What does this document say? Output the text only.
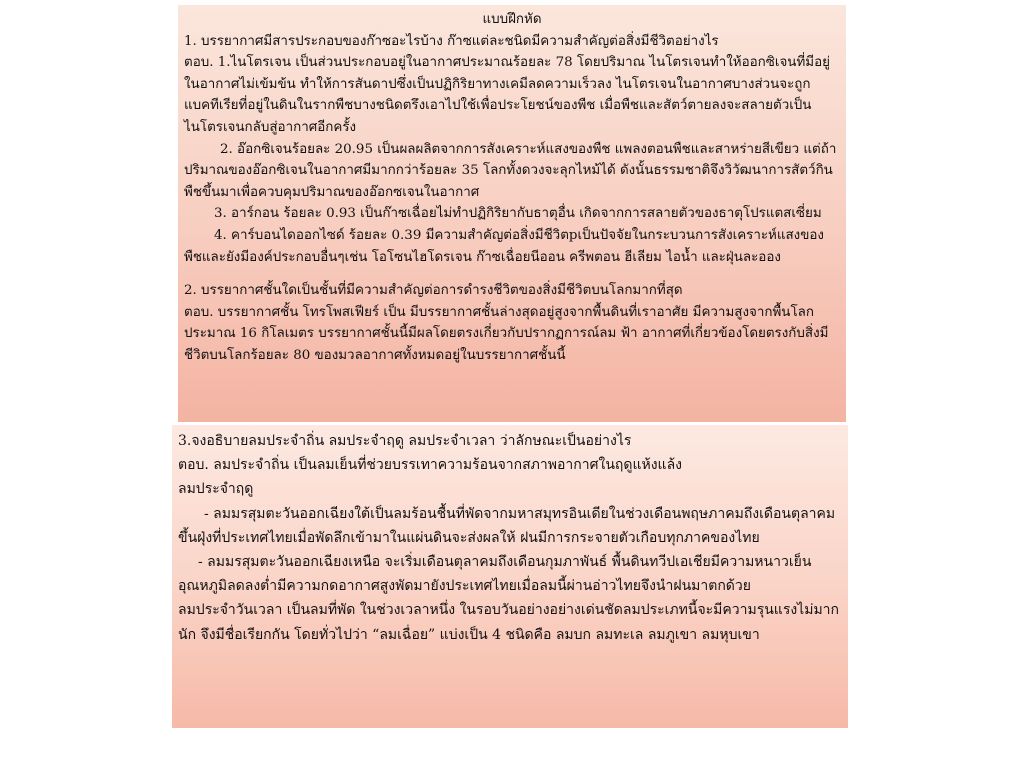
แบบฝึกหัด

1. บรรยากาศมีสารประกอบของก๊าซอะไรบ้าง ก๊าซแต่ละชนิดมีความสำคัญต่อสิ่งมีชีวิตอย่างไร

ตอบ. 1.ไนโตรเจน เป็นส่วนประกอบอยู่ในอากาศประมาณร้อยละ 78 โดยปริมาณ ไนโตรเจนทำให้ออกซิเจนที่มีอยู่ในอากาศไม่เข้มข้น ทำให้การสันดาปซึ่งเป็นปฏิกิริยาทางเคมีลดความเร็วลง ไนโตรเจนในอากาศบางส่วนจะถูกแบคทีเรียที่อยู่ในดินในรากพืชบางชนิดตรึงเอาไปใช้เพื่อประโยชน์ของพืช เมื่อพืชและสัตว์ตายลงจะสลายตัวเป็นไนโตรเจนกลับสู่อากาศอีกครั้ง

2. อ๊อกซิเจนร้อยละ 20.95 เป็นผลผลิตจากการสังเคราะห์แสงของพืช แพลงตอนพืชและสาหร่ายสีเขียว แต่ถ้าปริมาณของอ๊อกซิเจนในอากาศมีมากกว่าร้อยละ 35 โลกทั้งดวงจะลุกไหม้ได้ ดังนั้นธรรมชาติจึงวิวัฒนาการสัตว์กินพืชขึ้นมาเพื่อควบคุมปริมาณของอ๊อกซเจนในอากาศ

3. อาร์กอน ร้อยละ 0.93 เป็นก๊าซเฉื่อยไม่ทำปฏิกิริยากับธาตุอื่น เกิดจากการสลายตัวของธาตุโปรแตสเซี่ยม

4. คาร์บอนไดออกไซด์ ร้อยละ 0.39 มีความสำคัญต่อสิ่งมีชีวิตpเป็นปัจจัยในกระบวนการสังเคราะห์แสงของพืชและยังมีองค์ประกอบอื่นๆเช่น โอโซนไฮโดรเจน ก๊าซเฉื่อยนีออน ครีพตอน ฮีเลียม ไอน้ำ และฝุ่นละออง

2. บรรยากาศชั้นใดเป็นชั้นที่มีความสำคัญต่อการดำรงชีวิตของสิ่งมีชีวิตบนโลกมากที่สุด

ตอบ. บรรยากาศชั้น โทรโพสเฟียร์ เป็น มีบรรยากาศชั้นล่างสุดอยู่สูงจากพื้นดินที่เราอาศัย มีความสูงจากพื้นโลกประมาณ 16 กิโลเมตร บรรยากาศชั้นนี้มีผลโดยตรงเกี่ยวกับปรากฏการณ์ลม ฟ้า อากาศที่เกี่ยวข้องโดยตรงกับสิ่งมีชีวิตบนโลกร้อยละ 80 ของมวลอากาศทั้งหมดอยู่ในบรรยากาศชั้นนี้

3.จงอธิบายลมประจำถิ่น ลมประจำฤดู ลมประจำเวลา ว่าลักษณะเป็นอย่างไร

ตอบ. ลมประจำถิ่น เป็นลมเย็นที่ช่วยบรรเทาความร้อนจากสภาพอากาศในฤดูแห้งแล้ง

ลมประจำฤดู

- ลมมรสุมตะวันออกเฉียงใต้เป็นลมร้อนชื้นที่พัดจากมหาสมุทรอินเดียในช่วงเดือนพฤษภาคมถึงเดือนตุลาคมขึ้นฝุ่งที่ประเทศไทยเมื่อพัดลึกเข้ามาในแผ่นดินจะส่งผลให้ ฝนมีการกระจายตัวเกือบทุกภาคของไทย

- ลมมรสุมตะวันออกเฉียงเหนือ จะเริ่มเดือนตุลาคมถึงเดือนกุมภาพันธ์ พื้นดินทวีปเอเชียมีความหนาวเย็นอุณหภูมิลดลงต่ำมีความกดอากาศสูงพัดมายังประเทศไทยเมื่อลมนี้ผ่านอ่าวไทยจึงนำฝนมาตกด้วย

ลมประจำวันเวลา เป็นลมที่พัด ในช่วงเวลาหนึ่ง ในรอบวันอย่างอย่างเด่นชัดลมประเภทนี้จะมีความรุนแรงไม่มากนัก จึงมีชื่อเรียกกัน โดยทั่วไปว่า “ลมเฉื่อย” แบ่งเป็น 4 ชนิดคือ ลมบก ลมทะเล ลมภูเขา ลมหุบเขา
